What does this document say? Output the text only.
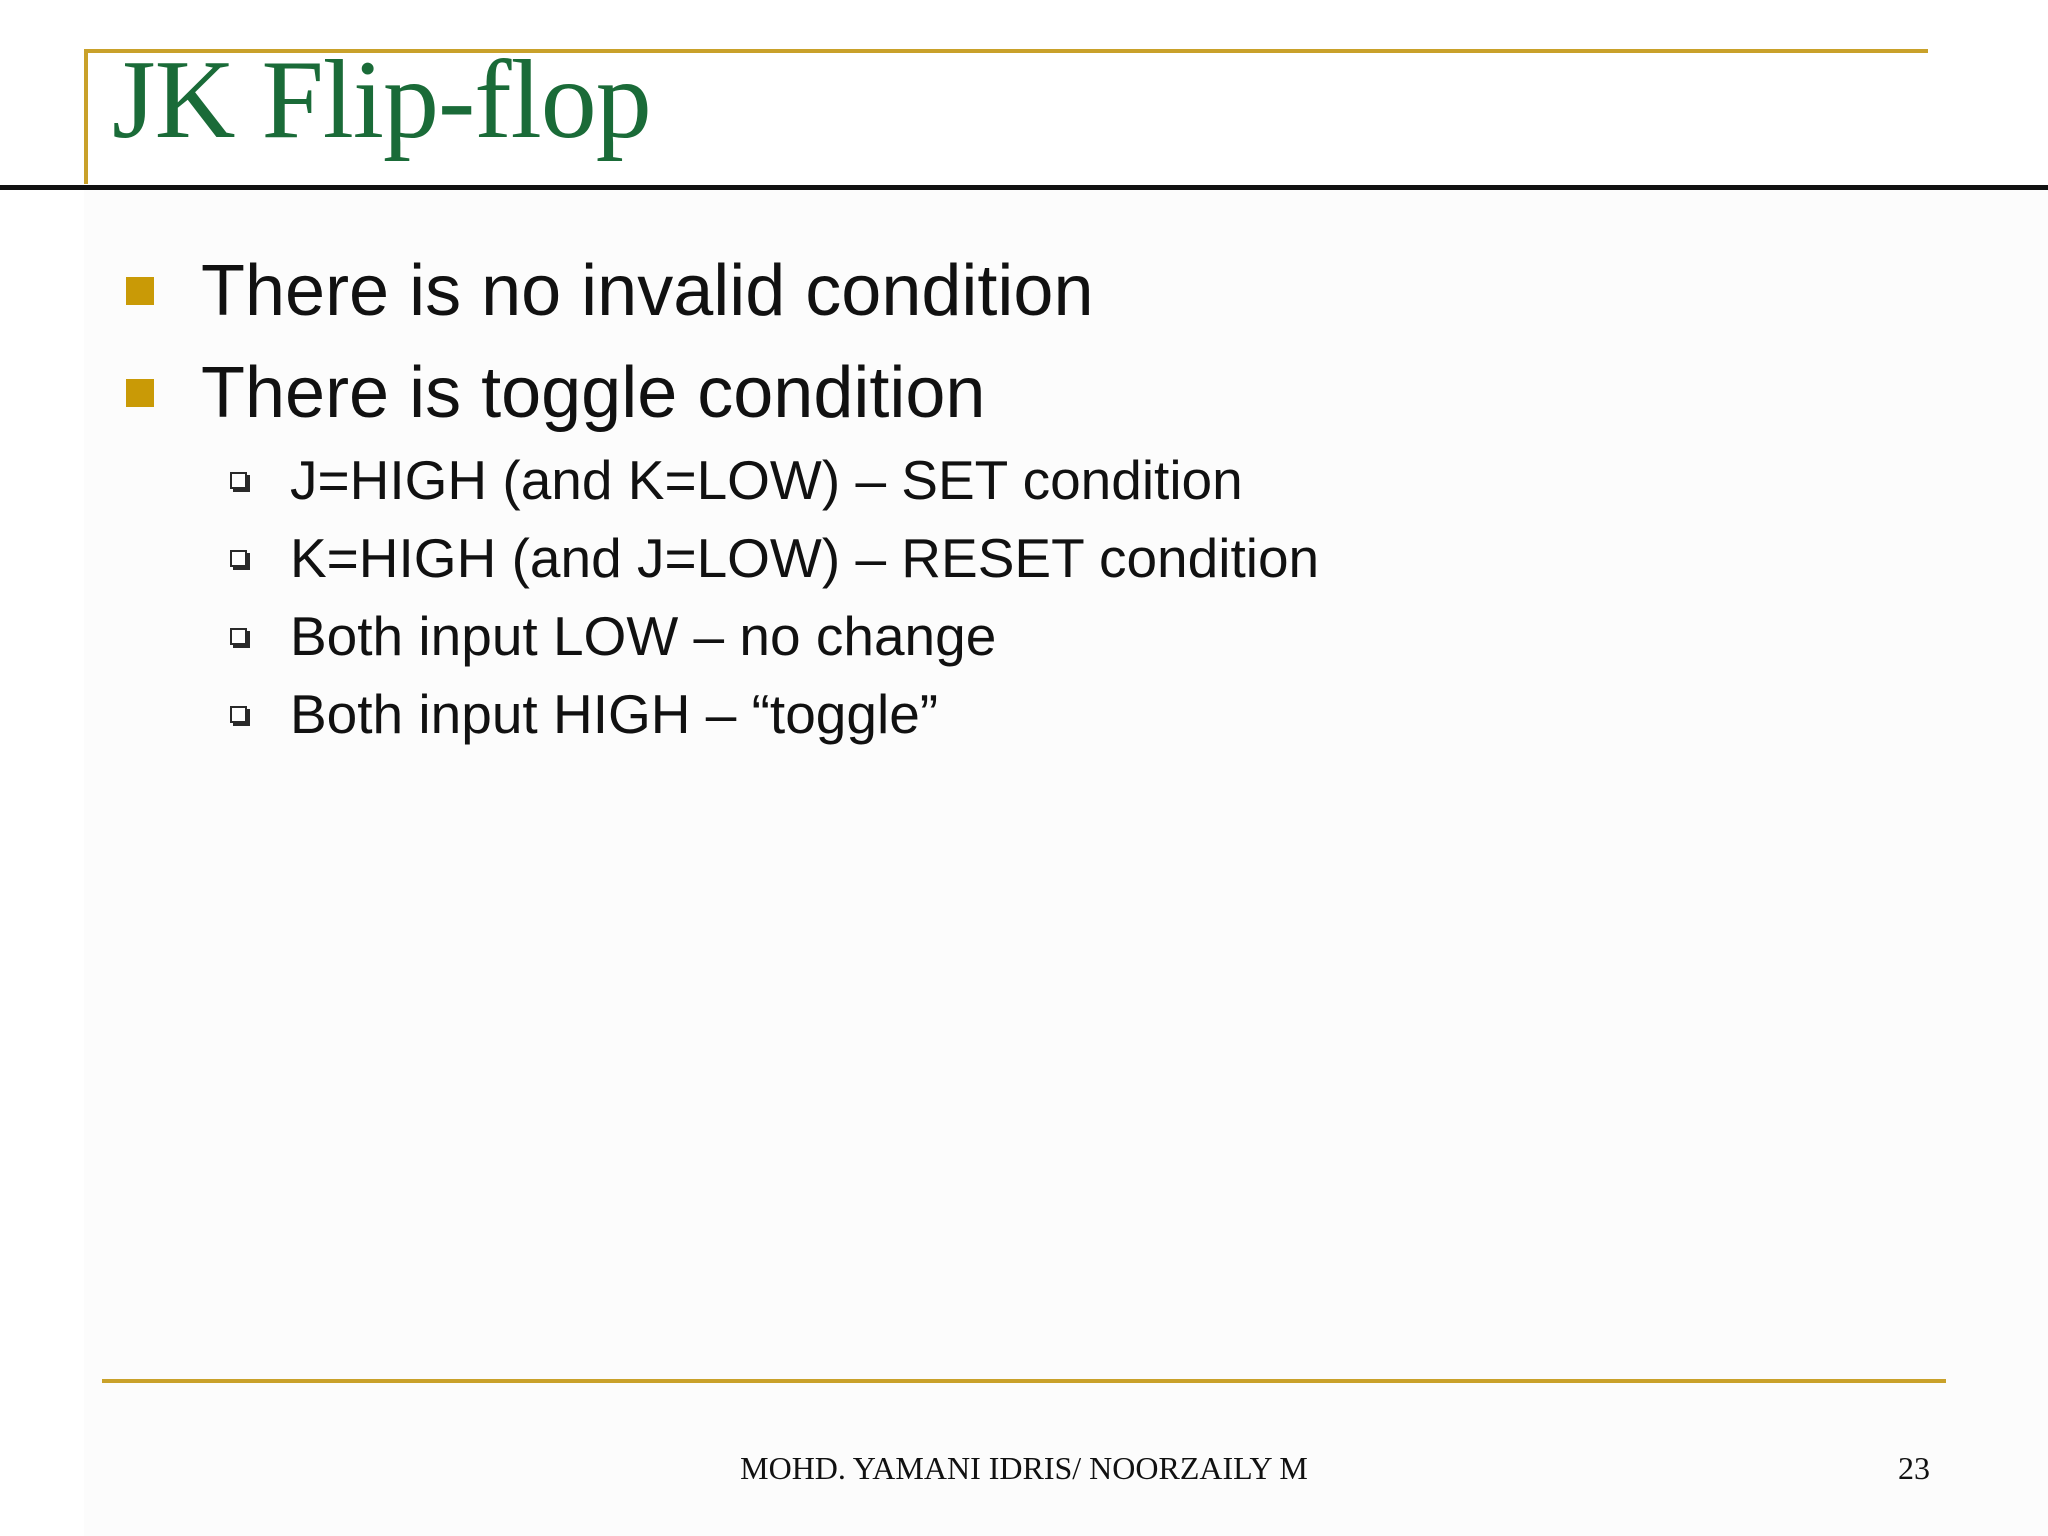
JK Flip-flop
There is no invalid condition
There is toggle condition
J=HIGH (and K=LOW) – SET condition
K=HIGH (and J=LOW) – RESET condition
Both input LOW – no change
Both input HIGH – “toggle”
MOHD. YAMANI IDRIS/ NOORZAILY M	23
